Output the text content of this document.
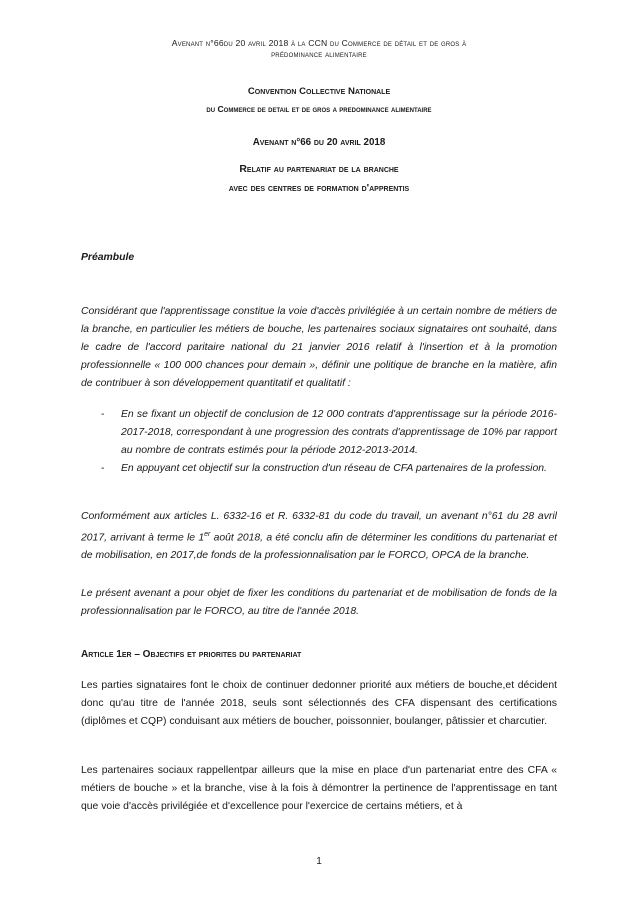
Avenant n°66du 20 avril 2018 à la CCN du Commerce de détail et de gros à
prédominance alimentaire
Convention Collective Nationale
du Commerce de detail et de gros a predominance alimentaire
Avenant n°66 du 20 avril 2018
Relatif au partenariat de la branche
avec des centres de formation d'apprentis
Préambule
Considérant que l'apprentissage constitue la voie d'accès privilégiée à un certain nombre de métiers de la branche, en particulier les métiers de bouche, les partenaires sociaux signataires ont souhaité, dans le cadre de l'accord paritaire national du 21 janvier 2016 relatif à l'insertion et à la promotion professionnelle « 100 000 chances pour demain », définir une politique de branche en la matière, afin de contribuer à son développement quantitatif et qualitatif :
- En se fixant un objectif de conclusion de 12 000 contrats d'apprentissage sur la période 2016-2017-2018, correspondant à une progression des contrats d'apprentissage de 10% par rapport au nombre de contrats estimés pour la période 2012-2013-2014.
- En appuyant cet objectif sur la construction d'un réseau de CFA partenaires de la profession.
Conformément aux articles L. 6332-16 et R. 6332-81 du code du travail, un avenant n°61 du 28 avril 2017, arrivant à terme le 1er août 2018, a été conclu afin de déterminer les conditions du partenariat et de mobilisation, en 2017,de fonds de la professionnalisation par le FORCO, OPCA de la branche.
Le présent avenant a pour objet de fixer les conditions du partenariat et de mobilisation de fonds de la professionnalisation par le FORCO, au titre de l'année 2018.
Article 1er – Objectifs et priorites du partenariat
Les parties signataires font le choix de continuer dedonner priorité aux métiers de bouche,et décident donc qu'au titre de l'année 2018, seuls sont sélectionnés des CFA dispensant des certifications (diplômes et CQP) conduisant aux métiers de boucher, poissonnier, boulanger, pâtissier et charcutier.
Les partenaires sociaux rappellentpar ailleurs que la mise en place d'un partenariat entre des CFA « métiers de bouche » et la branche, vise à la fois à démontrer la pertinence de l'apprentissage en tant que voie d'accès privilégiée et d'excellence pour l'exercice de certains métiers, et à
1
